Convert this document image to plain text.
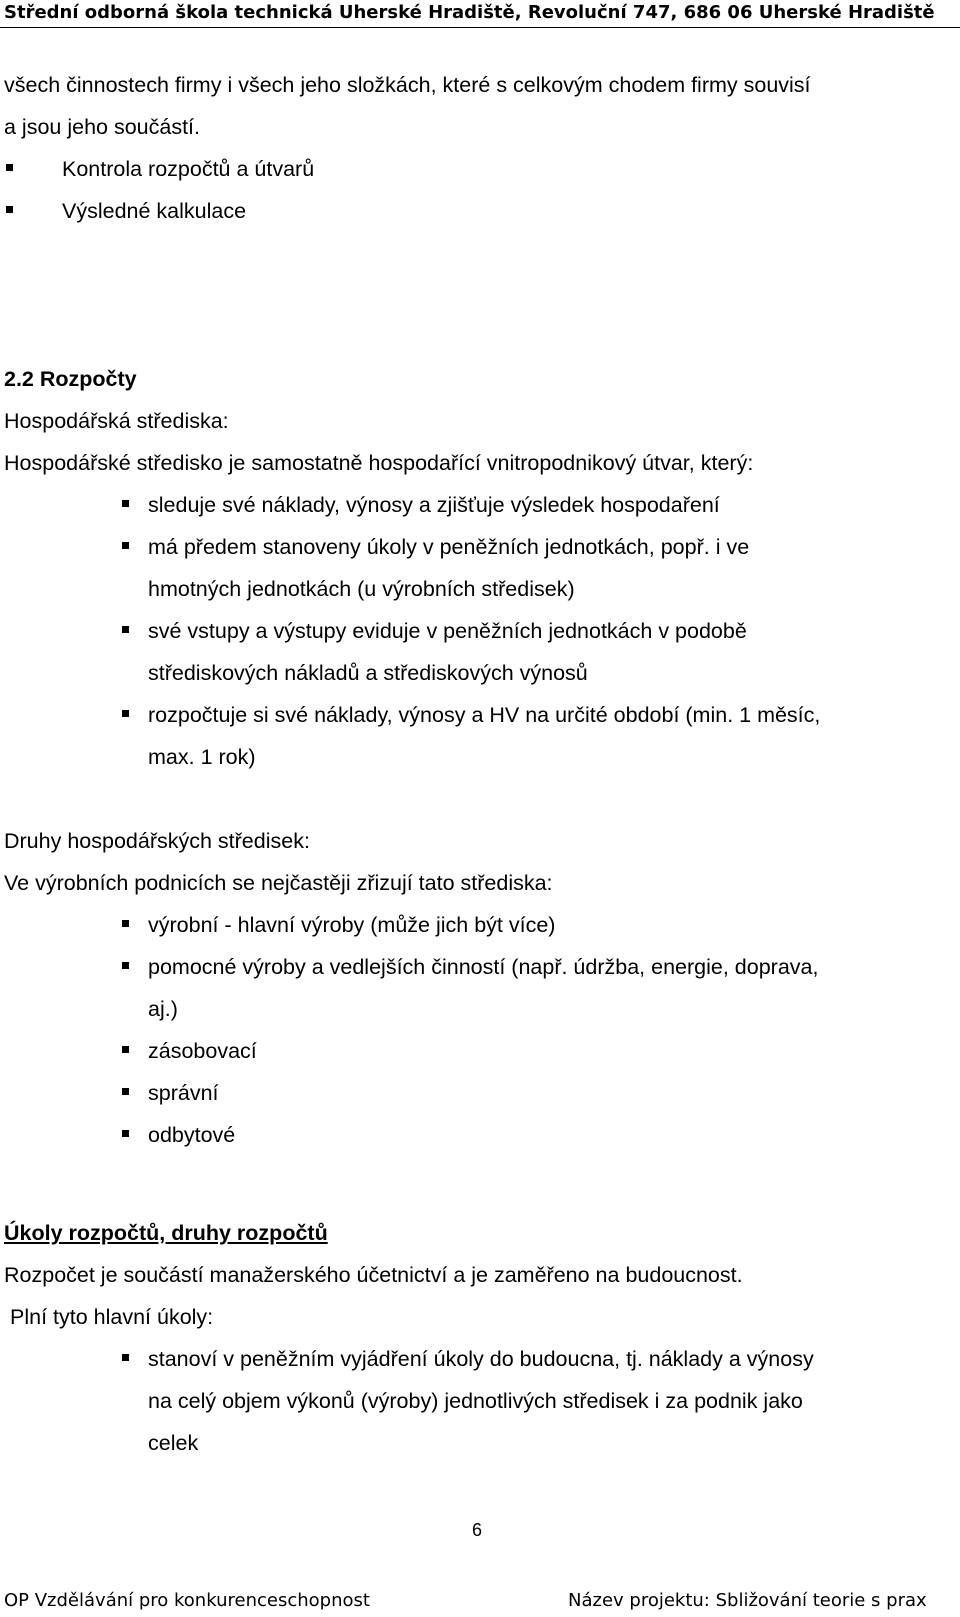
Střední odborná škola technická Uherské Hradiště, Revoluční 747, 686 06 Uherské Hradiště
všech činnostech firmy i všech jeho složkách, které s celkovým chodem firmy souvisí
a jsou jeho součástí.
Kontrola rozpočtů a útvarů
Výsledné kalkulace
2.2 Rozpočty
Hospodářská střediska:
Hospodářské středisko je samostatně hospodařící vnitropodnikový útvar, který:
sleduje své náklady, výnosy a zjišťuje výsledek hospodaření
má předem stanoveny úkoly v peněžních jednotkách, popř. i ve
hmotných jednotkách (u výrobních středisek)
své vstupy a výstupy eviduje v peněžních jednotkách v podobě
střediskových nákladů a střediskových výnosů
rozpočtuje si své náklady, výnosy a HV na určité období (min. 1 měsíc,
max. 1 rok)
Druhy hospodářských středisek:
Ve výrobních podnicích se nejčastěji zřizují tato střediska:
výrobní - hlavní výroby (může jich být více)
pomocné výroby a vedlejších činností (např. údržba, energie, doprava,
aj.)
zásobovací
správní
odbytové
Úkoly rozpočtů, druhy rozpočtů
Rozpočet je součástí manažerského účetnictví a je zaměřeno na budoucnost.
Plní tyto hlavní úkoly:
stanoví v peněžním vyjádření úkoly do budoucna, tj. náklady a výnosy
na celý objem výkonů (výroby) jednotlivých středisek i za podnik jako
celek
6
OP Vzdělávání pro konkurenceschopnost	Název projektu: Sbližování teorie s prax
